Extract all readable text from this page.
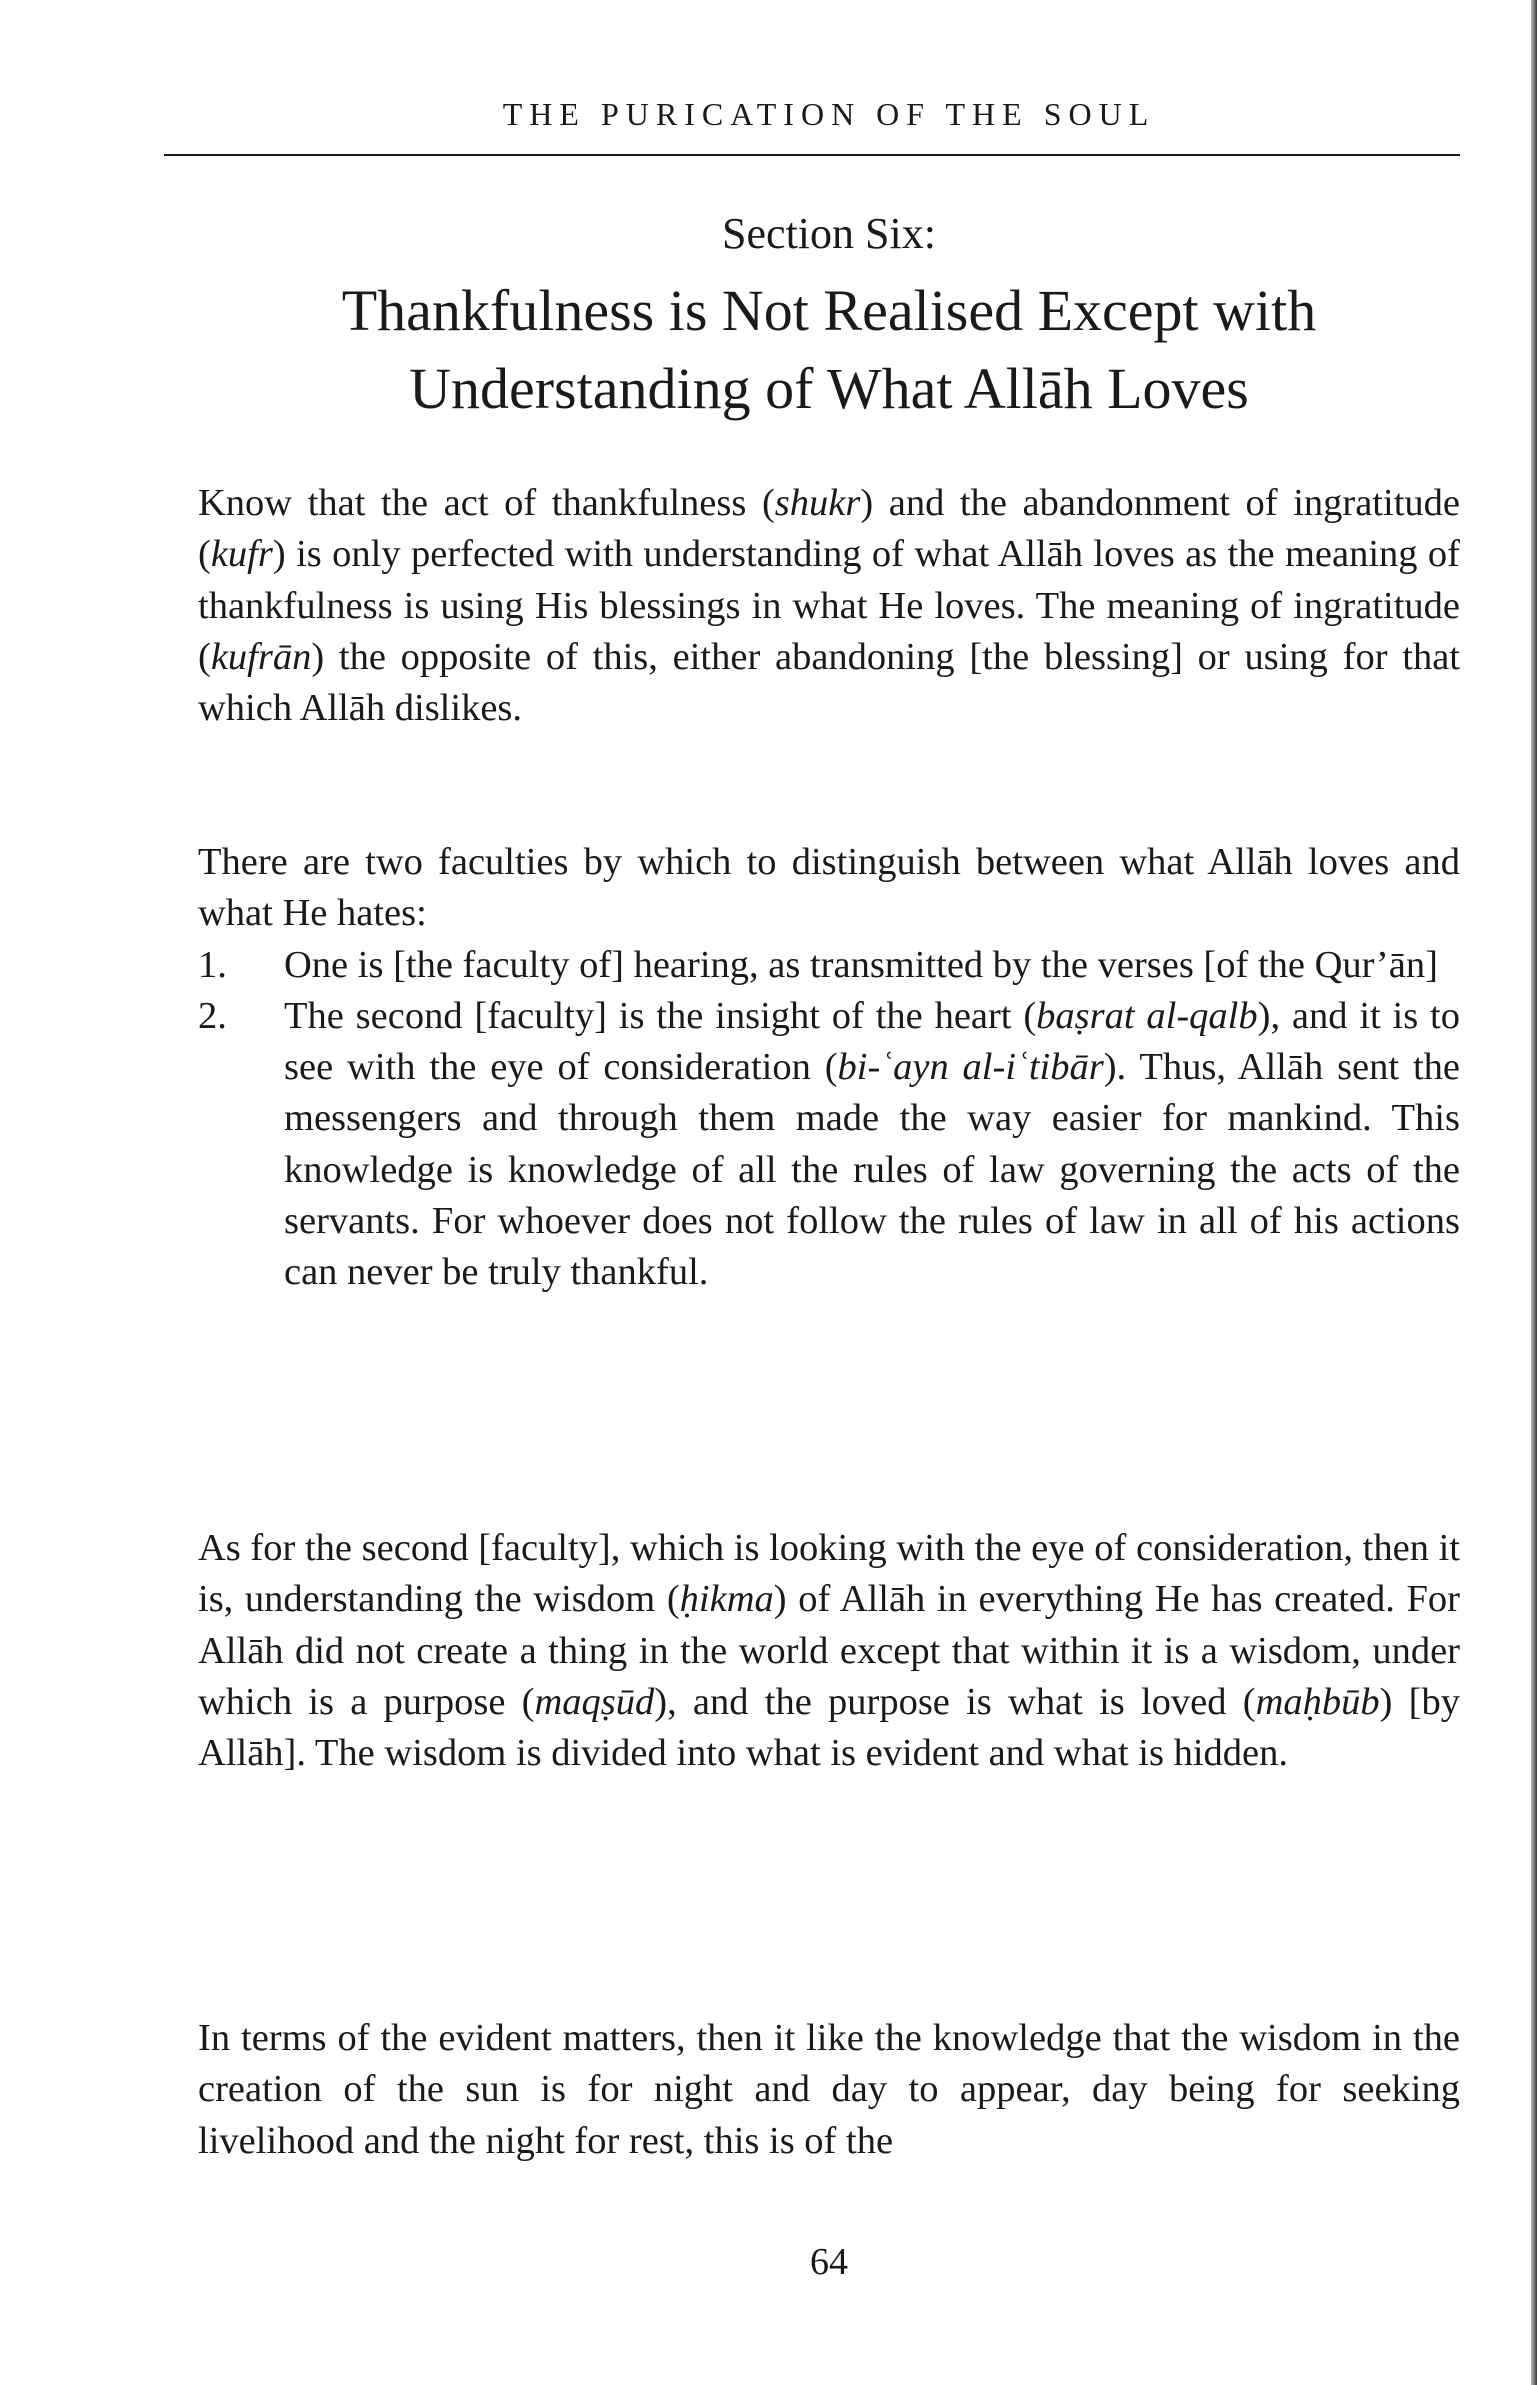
THE PURICATION OF THE SOUL
Section Six:
Thankfulness is Not Realised Except with
Understanding of What Allāh Loves
Know that the act of thankfulness (shukr) and the abandonment of ingratitude (kufr) is only perfected with understanding of what Allāh loves as the meaning of thankfulness is using His blessings in what He loves. The meaning of ingratitude (kufrān) the opposite of this, either abandoning [the blessing] or using for that which Allāh dislikes.
There are two faculties by which to distinguish between what Allāh loves and what He hates:
1.	One is [the faculty of] hearing, as transmitted by the verses [of the Qur’ān]
2.	The second [faculty] is the insight of the heart (baṣrat al-qalb), and it is to see with the eye of consideration (bi-ʿayn al-iʿtibār). Thus, Allāh sent the messengers and through them made the way easier for mankind. This knowledge is knowledge of all the rules of law governing the acts of the servants. For whoever does not follow the rules of law in all of his actions can never be truly thankful.
As for the second [faculty], which is looking with the eye of consideration, then it is, understanding the wisdom (ḥikma) of Allāh in everything He has created. For Allāh did not create a thing in the world except that within it is a wisdom, under which is a purpose (maqṣūd), and the purpose is what is loved (maḥbūb) [by Allāh]. The wisdom is divided into what is evident and what is hidden.
In terms of the evident matters, then it like the knowledge that the wisdom in the creation of the sun is for night and day to appear, day being for seeking livelihood and the night for rest, this is of the
64
